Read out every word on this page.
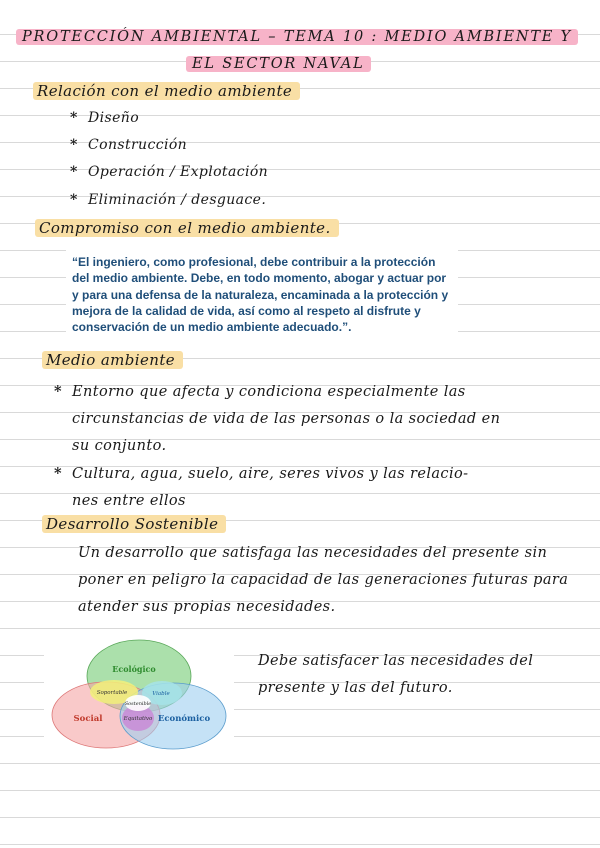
PROTECCIÓN AMBIENTAL – TEMA 10 : MEDIO AMBIENTE Y
EL SECTOR NAVAL
Relación con el medio ambiente
* Diseño
* Construcción
* Operación / Explotación
* Eliminación / desguace.
Compromiso con el medio ambiente.

“El ingeniero, como profesional, debe contribuir a la protección del medio ambiente. Debe, en todo momento, abogar y actuar por y para una defensa de la naturaleza, encaminada a la protección y mejora de la calidad de vida, así como al respeto al disfrute y conservación de un medio ambiente adecuado.”.

Medio ambiente
* Entorno que afecta y condiciona especialmente las
circunstancias de vida de las personas o la sociedad en
su conjunto.
* Cultura, agua, suelo, aire, seres vivos y las relacio-
nes entre ellos
Desarrollo Sostenible
Un desarrollo que satisfaga las necesidades del presente sin poner en peligro la capacidad de las generaciones futuras para atender sus propias necesidades.
Ecológico
Social	Económico
Soportable	Viable
Sostenible
Equitativo
Debe satisfacer las necesidades del presente y las del futuro.
